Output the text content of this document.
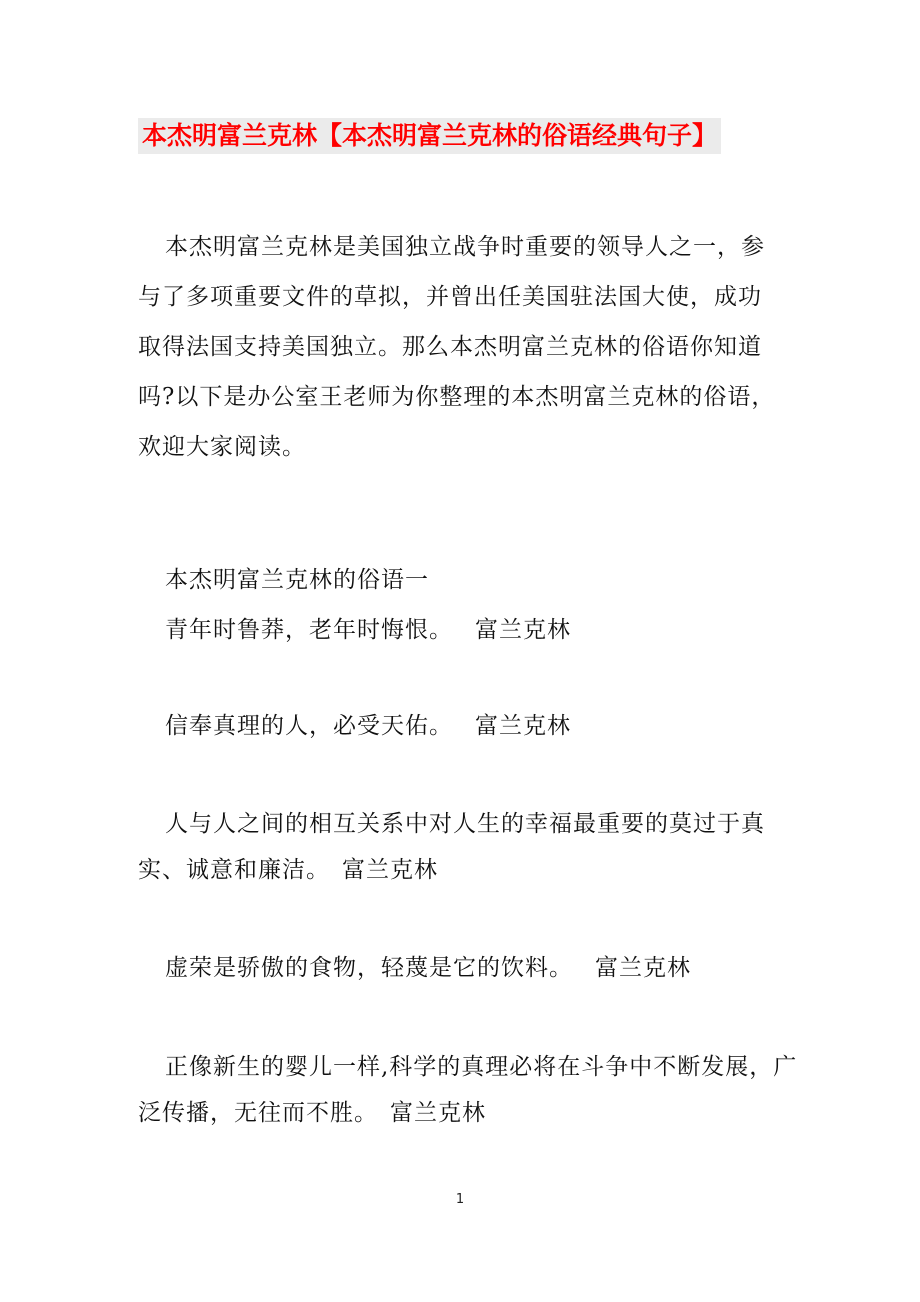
本杰明富兰克林【本杰明富兰克林的俗语经典句子】

本杰明富兰克林是美国独立战争时重要的领导人之一，参与了多项重要文件的草拟，并曾出任美国驻法国大使，成功取得法国支持美国独立。那么本杰明富兰克林的俗语你知道吗?以下是办公室王老师为你整理的本杰明富兰克林的俗语，欢迎大家阅读。

本杰明富兰克林的俗语一

青年时鲁莽，老年时悔恨。 富兰克林

信奉真理的人，必受天佑。 富兰克林

人与人之间的相互关系中对人生的幸福最重要的莫过于真实、诚意和廉洁。 富兰克林

虚荣是骄傲的食物，轻蔑是它的饮料。 富兰克林

正像新生的婴儿一样,科学的真理必将在斗争中不断发展，广泛传播，无往而不胜。 富兰克林

1
